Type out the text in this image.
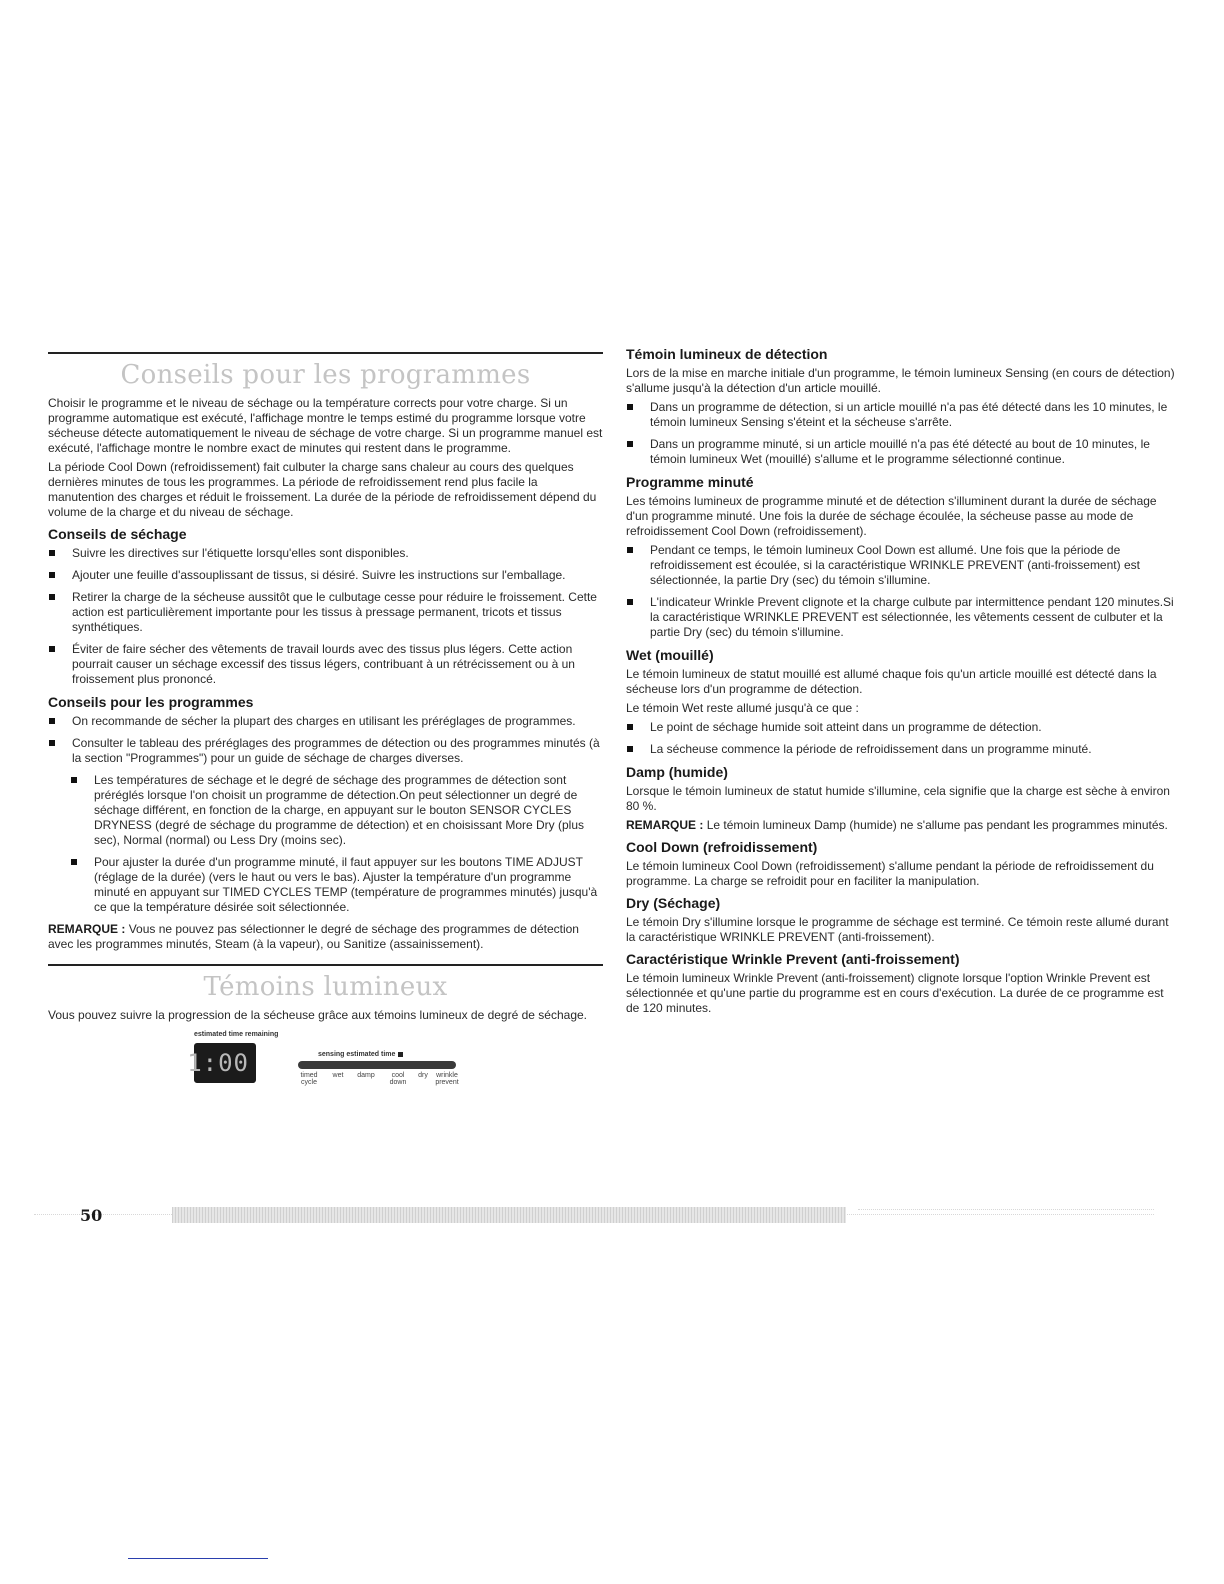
Conseils pour les programmes

Choisir le programme et le niveau de séchage ou la température corrects pour votre charge. Si un programme automatique est exécuté, l'affichage montre le temps estimé du programme lorsque votre sécheuse détecte automatiquement le niveau de séchage de votre charge. Si un programme manuel est exécuté, l'affichage montre le nombre exact de minutes qui restent dans le programme.

La période Cool Down (refroidissement) fait culbuter la charge sans chaleur au cours des quelques dernières minutes de tous les programmes. La période de refroidissement rend plus facile la manutention des charges et réduit le froissement. La durée de la période de refroidissement dépend du volume de la charge et du niveau de séchage.

Conseils de séchage
Suivre les directives sur l'étiquette lorsqu'elles sont disponibles.
Ajouter une feuille d'assouplissant de tissus, si désiré. Suivre les instructions sur l'emballage.
Retirer la charge de la sécheuse aussitôt que le culbutage cesse pour réduire le froissement. Cette action est particulièrement importante pour les tissus à pressage permanent, tricots et tissus synthétiques.
Éviter de faire sécher des vêtements de travail lourds avec des tissus plus légers. Cette action pourrait causer un séchage excessif des tissus légers, contribuant à un rétrécissement ou à un froissement plus prononcé.
Conseils pour les programmes
On recommande de sécher la plupart des charges en utilisant les préréglages de programmes.
Consulter le tableau des préréglages des programmes de détection ou des programmes minutés (à la section "Programmes") pour un guide de séchage de charges diverses.
Les températures de séchage et le degré de séchage des programmes de détection sont préréglés lorsque l'on choisit un programme de détection.On peut sélectionner un degré de séchage différent, en fonction de la charge, en appuyant sur le bouton SENSOR CYCLES DRYNESS (degré de séchage du programme de détection) et en choisissant More Dry (plus sec), Normal (normal) ou Less Dry (moins sec).
Pour ajuster la durée d'un programme minuté, il faut appuyer sur les boutons TIME ADJUST (réglage de la durée) (vers le haut ou vers le bas). Ajuster la température d'un programme minuté en appuyant sur TIMED CYCLES TEMP (température de programmes minutés) jusqu'à ce que la température désirée soit sélectionnée.

REMARQUE : Vous ne pouvez pas sélectionner le degré de séchage des programmes de détection avec les programmes minutés, Steam (à la vapeur), ou Sanitize (assainissement).

Témoins lumineux

Vous pouvez suivre la progression de la sécheuse grâce aux témoins lumineux de degré de séchage.

estimated time remaining
1:00	sensing estimated time
timed
cycle
wet	damp	cool
down
dry	wrinkle
prevent
Témoin lumineux de détection

Lors de la mise en marche initiale d'un programme, le témoin lumineux Sensing (en cours de détection) s'allume jusqu'à la détection d'un article mouillé.

Dans un programme de détection, si un article mouillé n'a pas été détecté dans les 10 minutes, le témoin lumineux Sensing s'éteint et la sécheuse s'arrête.
Dans un programme minuté, si un article mouillé n'a pas été détecté au bout de 10 minutes, le témoin lumineux Wet (mouillé) s'allume et le programme sélectionné continue.
Programme minuté

Les témoins lumineux de programme minuté et de détection s'illuminent durant la durée de séchage d'un programme minuté. Une fois la durée de séchage écoulée, la sécheuse passe au mode de refroidissement Cool Down (refroidissement).

Pendant ce temps, le témoin lumineux Cool Down est allumé. Une fois que la période de refroidissement est écoulée, si la caractéristique WRINKLE PREVENT (anti-froissement) est sélectionnée, la partie Dry (sec) du témoin s'illumine.
L'indicateur Wrinkle Prevent clignote et la charge culbute par intermittence pendant 120 minutes.Si la caractéristique WRINKLE PREVENT est sélectionnée, les vêtements cessent de culbuter et la partie Dry (sec) du témoin s'illumine.
Wet (mouillé)

Le témoin lumineux de statut mouillé est allumé chaque fois qu'un article mouillé est détecté dans la sécheuse lors d'un programme de détection.

Le témoin Wet reste allumé jusqu'à ce que :

Le point de séchage humide soit atteint dans un programme de détection.
La sécheuse commence la période de refroidissement dans un programme minuté.
Damp (humide)

Lorsque le témoin lumineux de statut humide s'illumine, cela signifie que la charge est sèche à environ 80 %.

REMARQUE : Le témoin lumineux Damp (humide) ne s'allume pas pendant les programmes minutés.

Cool Down (refroidissement)

Le témoin lumineux Cool Down (refroidissement) s'allume pendant la période de refroidissement du programme. La charge se refroidit pour en faciliter la manipulation.

Dry (Séchage)

Le témoin Dry s'illumine lorsque le programme de séchage est terminé. Ce témoin reste allumé durant la caractéristique WRINKLE PREVENT (anti-froissement).

Caractéristique Wrinkle Prevent (anti-froissement)

Le témoin lumineux Wrinkle Prevent (anti-froissement) clignote lorsque l'option Wrinkle Prevent est sélectionnée et qu'une partie du programme est en cours d'exécution. La durée de ce programme est de 120 minutes.

50
